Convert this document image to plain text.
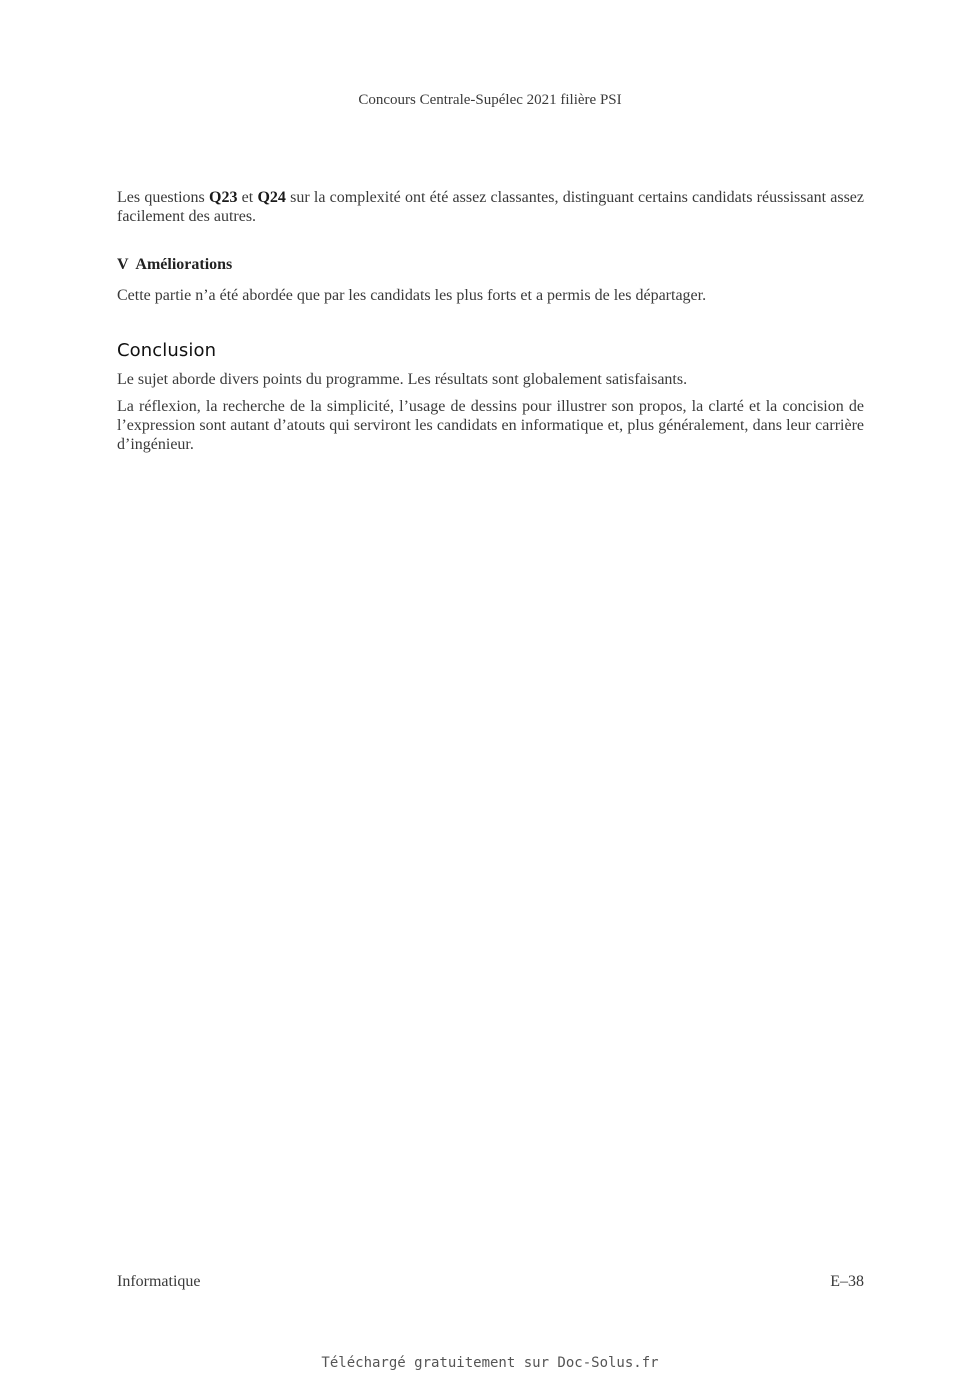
Concours Centrale-Supélec 2021 filière PSI

Les questions Q23 et Q24 sur la complexité ont été assez classantes, distinguant certains candidats réussissant assez facilement des autres.

V  Améliorations

Cette partie n’a été abordée que par les candidats les plus forts et a permis de les départager.

Conclusion

Le sujet aborde divers points du programme. Les résultats sont globalement satisfaisants.

La réflexion, la recherche de la simplicité, l’usage de dessins pour illustrer son propos, la clarté et la concision de l’expression sont autant d’atouts qui serviront les candidats en informatique et, plus généralement, dans leur carrière d’ingénieur.

Informatique	E–38
Téléchargé gratuitement sur Doc-Solus.fr
